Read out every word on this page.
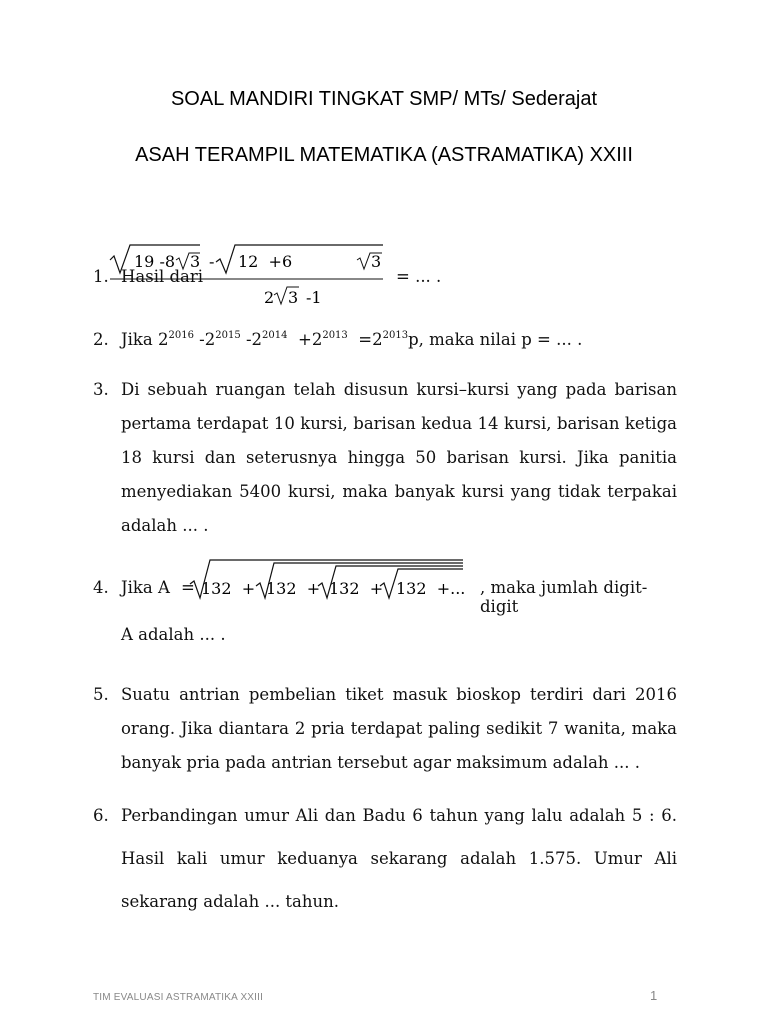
SOAL MANDIRI TINGKAT SMP/ MTs/ Sederajat
ASAH TERAMPIL MATEMATIKA (ASTRAMATIKA) XXIII
1. Hasil dari
19 -8 3 - 12  +6	3
2 3 -1
= ... .
2. Jika $2^{2016}$ $-2^{2015}$ $-2^{2014} +2^{2013} =2^{2013}p$, maka nilai p = ... .
3. Di sebuah ruangan telah disusun kursi–kursi yang pada barisan
pertama terdapat 10 kursi, barisan kedua 14 kursi, barisan ketiga
18 kursi dan seterusnya hingga 50 barisan kursi. Jika panitia
menyediakan 5400 kursi, maka banyak kursi yang tidak terpakai
adalah ... .
4. Jika A = 132  + 132  + 132  + 132  +... , maka jumlah digit-digit
A adalah ... .
5. Suatu antrian pembelian tiket masuk bioskop terdiri dari 2016
orang. Jika diantara 2 pria terdapat paling sedikit 7 wanita, maka
banyak pria pada antrian tersebut agar maksimum adalah ... .
6. Perbandingan umur Ali dan Badu 6 tahun yang lalu adalah 5 : 6.
Hasil kali umur keduanya sekarang adalah 1.575. Umur Ali
sekarang adalah ... tahun.
TIM EVALUASI ASTRAMATIKA XXIII	1
